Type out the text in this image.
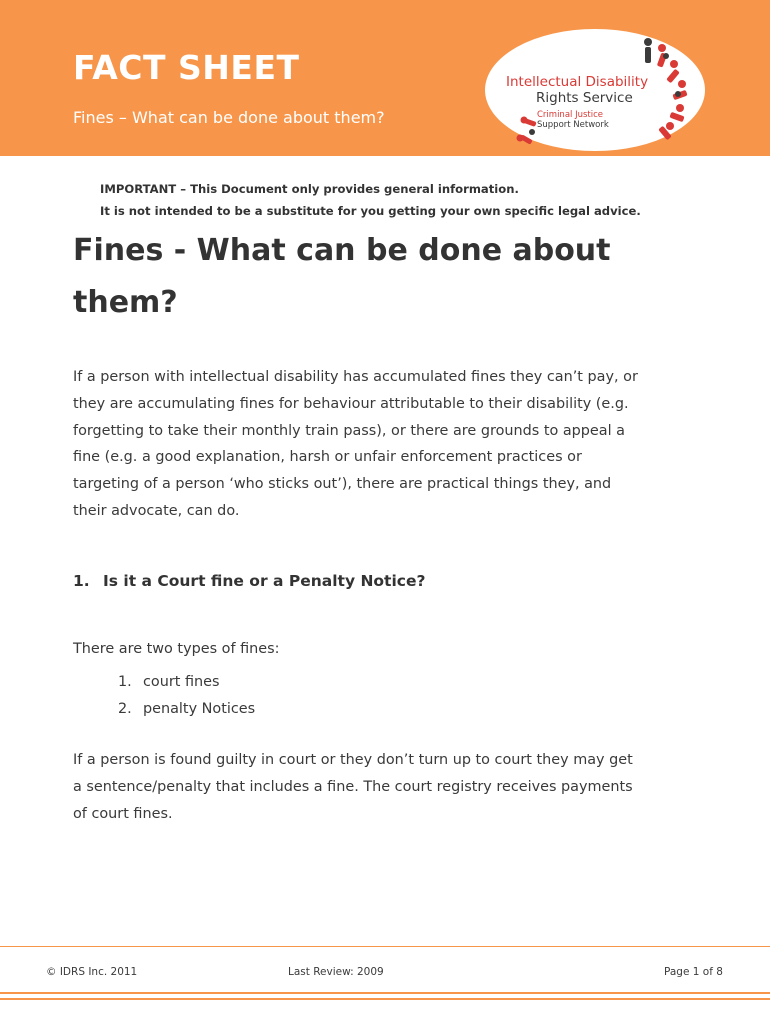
FACT SHEET
Fines – What can be done about them?
Intellectual Disability
Rights Service
Criminal Justice
Support Network
IMPORTANT – This Document only provides general information.
It is not intended to be a substitute for you getting your own specific legal advice.
Fines - What can be done about
them?
If a person with intellectual disability has accumulated fines they can’t pay, or
they are accumulating fines for behaviour attributable to their disability (e.g.
forgetting to take their monthly train pass), or there are grounds to appeal a
fine (e.g. a good explanation, harsh or unfair enforcement practices or
targeting of a person ‘who sticks out’), there are practical things they, and
their advocate, can do.
1. Is it a Court fine or a Penalty Notice?
There are two types of fines:
1. court fines
2. penalty Notices
If a person is found guilty in court or they don’t turn up to court they may get
a sentence/penalty that includes a fine. The court registry receives payments
of court fines.
© IDRS Inc. 2011	Last Review: 2009	Page 1 of 8
